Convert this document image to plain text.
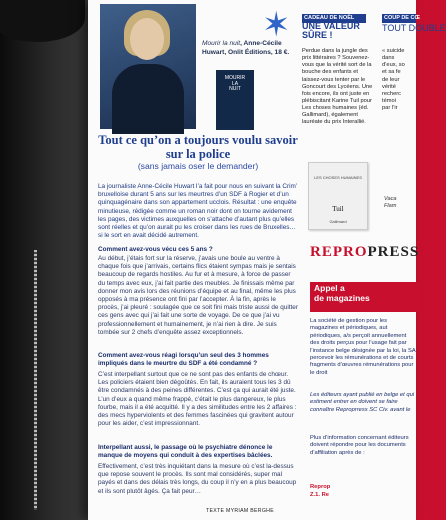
Mourir la nuit, Anne-Cécile Huwart, Onlit Éditions, 18 €.
MOURIR
LA
NUIT
Tout ce qu’on a toujours voulu savoir sur la police
(sans jamais oser le demander)

La journaliste Anne-Cécile Huwart l’a fait pour nous en suivant la Crim’ bruxelloise durant 5 ans sur les meurtres d’un SDF à Rogier et d’un quinquagénaire dans son appartement ucclois. Résultat : une enquête minutieuse, rédigée comme un roman noir dont on tourne avidement les pages, des victimes auxquelles on s’attache d’autant plus qu’elles sont réelles et qu’on aurait pu les croiser dans les rues de Bruxelles… si le sort en avait décidé autrement.

Comment avez-vous vécu ces 5 ans ?

Au début, j’étais fort sur la réserve, j’avais une boule au ventre à chaque fois que j’arrivais, certains flics étaient sympas mais je sentais beaucoup de regards hostiles. Au fur et à mesure, à force de passer du temps avec eux, j’ai fait partie des meubles. Je finissais même par donner mon avis lors des réunions d’équipe et au final, même les plus opposés à ma présence ont fini par l’accepter. À la fin, après le procès, j’ai pleuré : soulagée que ce soit fini mais triste aussi de quitter ces gens avec qui j’ai fait une sorte de voyage. De ce que j’ai vu professionnellement et humainement, je n’ai rien à dire. Je suis tombée sur 2 chefs d’enquête assez exceptionnels.

Comment avez-vous réagi lorsqu’un seul des 3 hommes impliqués dans le meurtre du SDF a été condamné ?

C’est interpellant surtout que ce ne sont pas des enfants de chœur. Les policiers étaient bien dégoûtés. En fait, ils auraient tous les 3 dû être condamnés à des peines différentes. C’est ça qui aurait été juste. L’un d’eux a quand même frappé, c’était le plus dangereux, le plus fourbe, mais il a été acquitté. Il y a des similitudes entre les 2 affaires : des mecs hyperviolents et des femmes fascinées qui gravitent autour pour les aider, c’est impressionnant.

Interpellant aussi, le passage où le psychiatre dénonce le manque de moyens qui conduit à des expertises bâclées.

Effectivement, c’est très inquiétant dans la mesure où c’est la-dessus que repose souvent le procès. Ils sont mal considérés, super mal payés et dans des délais très longs, du coup il n’y en a plus beaucoup et ils sont plutôt âgés. Ça fait peur…

TEXTE MYRIAM BERGHE
✶	CADEAU DE NOËL
UNE VALEUR SÛRE !

Perdue dans la jungle des prix littéraires ? Souvenez-vous que la vérité sort de la bouche des enfants et laissez-vous tenter par le Goncourt des Lycéens. Une fois encore, ils ont juste en plébiscitant Karine Tuil pour Les choses humaines (éd. Gallimard), également lauréate du prix Interallié.

LES CHOSES HUMAINES
Tuil
Gallimard
COUP DE CŒ
TOUT DOUBLE

« suicide dans
d’eux, so
et sa fe
de leur
vérité
recherc
témoi
par l’ir

Vaca
Flam
REPROPRESS
Appel a
de magazines

La société de gestion pour les magazines et périodiques, aut périodiques, a/s perçoit annuellement des droits perçus pour l’usage fait par l’instance belge désignée par la loi, la SA percevoir les rémunérations et de courts fragments d’œuvres rémunérations pour le droit

Les éditeurs ayant publié en belge et qui estiment entrer en doivent se faire connaître Reproprress SC Civ. avant le

Plus d’information concernant éditeurs doivent répondre pour les documents d’affiliation après de :

Reprop
Z.1. Re
